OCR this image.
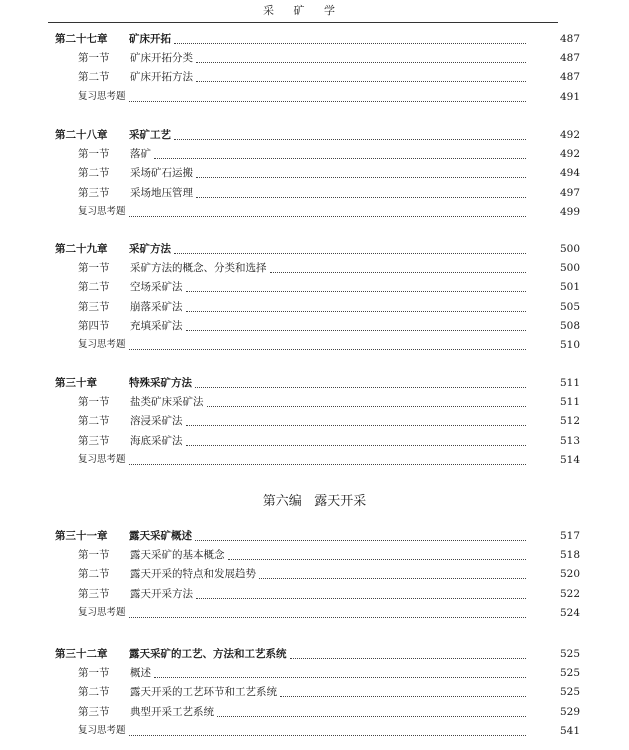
采 矿 学
第二十七章 矿床开拓	487
第一节 矿床开拓分类	487
第二节 矿床开拓方法	487
复习思考题	491
第二十八章 采矿工艺	492
第一节 落矿	492
第二节 采场矿石运搬	494
第三节 采场地压管理	497
复习思考题	499
第二十九章 采矿方法	500
第一节 采矿方法的概念、分类和选择	500
第二节 空场采矿法	501
第三节 崩落采矿法	505
第四节 充填采矿法	508
复习思考题	510
第三十章	特殊采矿方法	511
第一节 盐类矿床采矿法	511
第二节 溶浸采矿法	512
第三节 海底采矿法	513
复习思考题	514
第三十一章 露天采矿概述	517
第一节 露天采矿的基本概念	518
第二节 露天开采的特点和发展趋势	520
第三节 露天开采方法	522
复习思考题	524
第三十二章 露天采矿的工艺、方法和工艺系统	525
第一节 概述	525
第二节 露天开采的工艺环节和工艺系统	525
第三节 典型开采工艺系统	529
复习思考题	541
第六编 露天开采
